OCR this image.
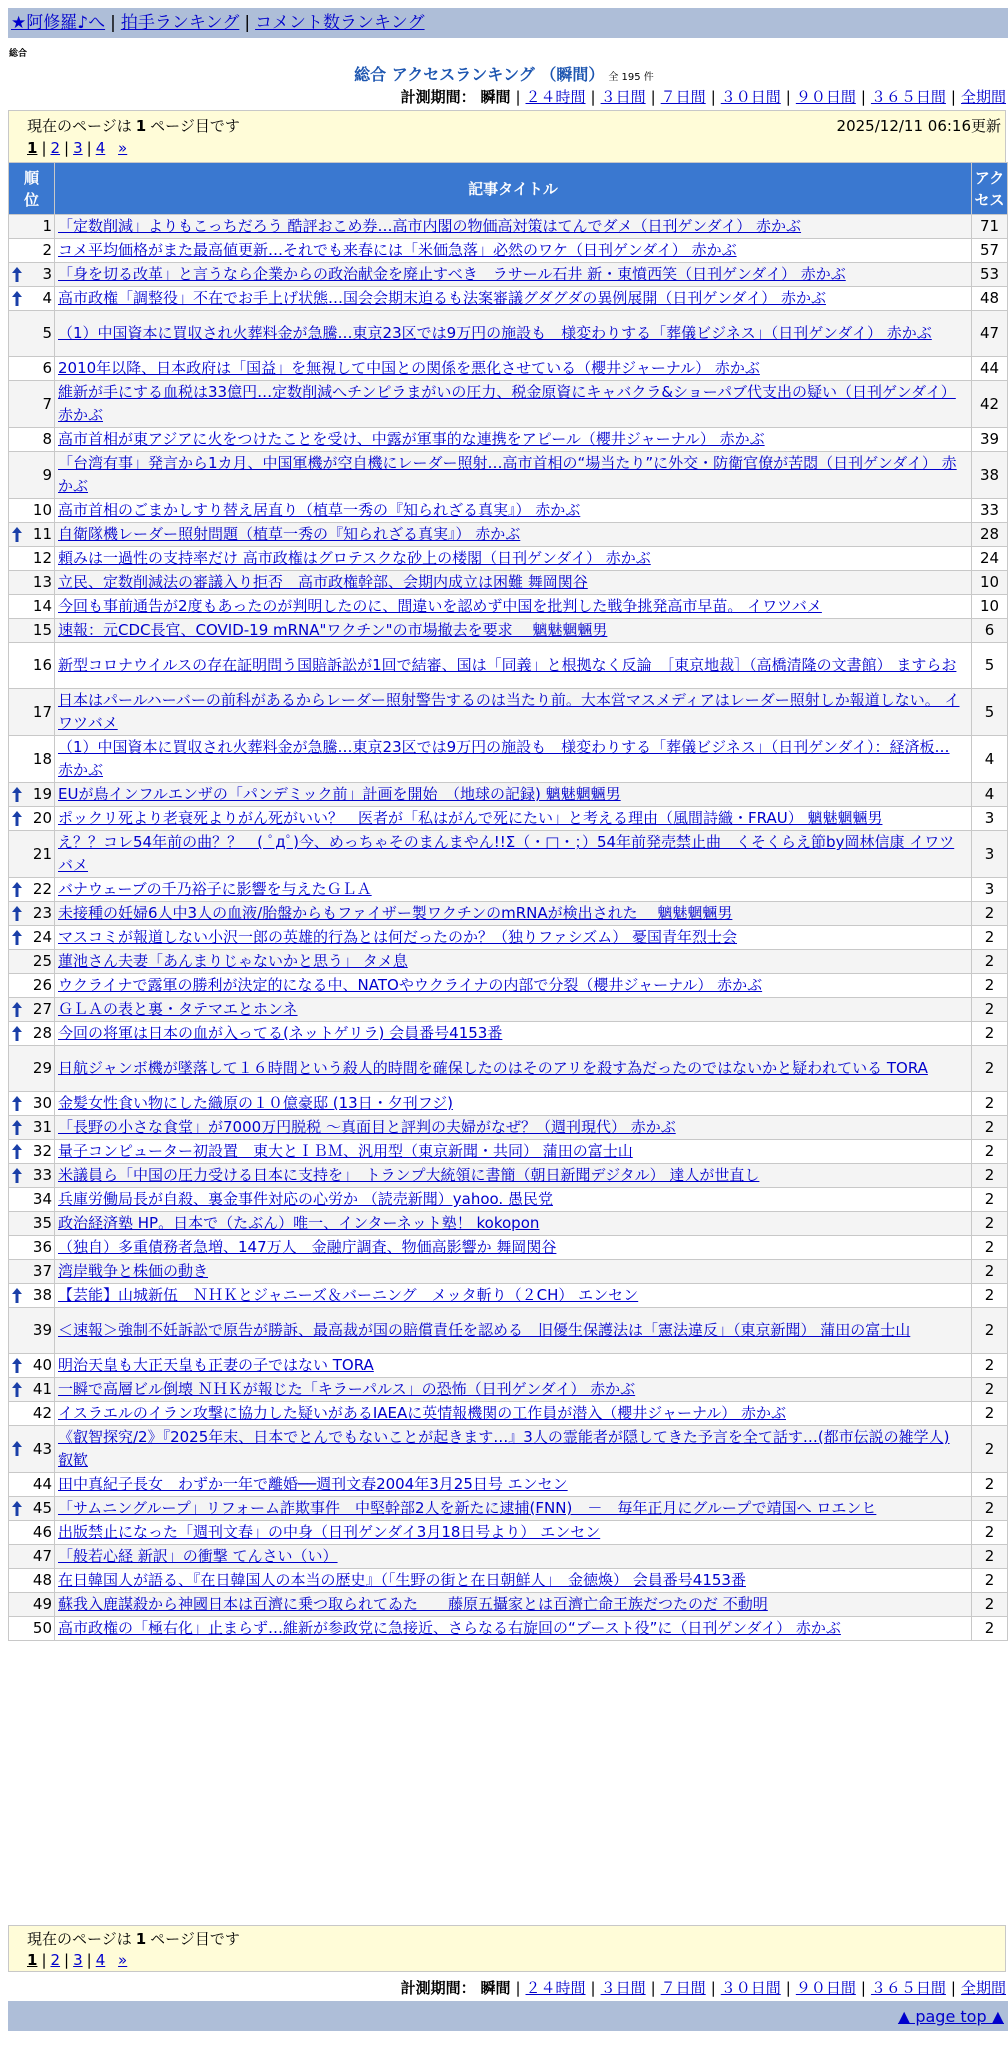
★阿修羅♪へ | 拍手ランキング | コメント数ランキング
総合
総合 アクセスランキング （瞬間） 全 195 件
計測期間： 瞬間 | ２４時間 | ３日間 | ７日間 | ３０日間 | ９０日間 | ３６５日間 | 全期間
現在のページは 1 ページ目です	2025/12/11 06:16更新
1 | 2 | 3 | 4 »
順位	記事タイトル	アクセス

1	「定数削減」よりもこっちだろう 酷評おこめ券…高市内閣の物価高対策はてんでダメ（日刊ゲンダイ） 赤かぶ	71
2	コメ平均価格がまた最高値更新…それでも来春には「米価急落」必然のワケ（日刊ゲンダイ） 赤かぶ	57

3	「身を切る改革」と言うなら企業からの政治献金を廃止すべき　ラサール石井 新・東憤西笑（日刊ゲンダイ） 赤かぶ	53

4	高市政権「調整役」不在でお手上げ状態…国会会期末迫るも法案審議グダグダの異例展開（日刊ゲンダイ） 赤かぶ	48
5	（1）中国資本に買収され火葬料金が急騰…東京23区では9万円の施設も　様変わりする「葬儀ビジネス」（日刊ゲンダイ） 赤かぶ	47
6	2010年以降、日本政府は「国益」を無視して中国との関係を悪化させている（櫻井ジャーナル） 赤かぶ	44
7	維新が手にする血税は33億円…定数削減へチンピラまがいの圧力、税金原資にキャバクラ&ショーパブ代支出の疑い（日刊ゲンダイ） 赤かぶ	42
8	高市首相が東アジアに火をつけたことを受け、中露が軍事的な連携をアピール（櫻井ジャーナル） 赤かぶ	39
9	「台湾有事」発言から1カ月、中国軍機が空自機にレーダー照射…高市首相の“場当たり”に外交・防衛官僚が苦悶（日刊ゲンダイ） 赤かぶ	38
10	高市首相のごまかしすり替え居直り（植草一秀の『知られざる真実』） 赤かぶ	33

11	自衛隊機レーダー照射問題（植草一秀の『知られざる真実』） 赤かぶ	28
12	頼みは一過性の支持率だけ 高市政権はグロテスクな砂上の楼閣（日刊ゲンダイ） 赤かぶ	24
13	立民、定数削減法の審議入り拒否　高市政権幹部、会期内成立は困難 舞岡関谷	10
14	今回も事前通告が2度もあったのが判明したのに、間違いを認めず中国を批判した戦争挑発高市早苗。 イワツバメ	10
15	速報：元CDC長官、COVID-19 mRNA"ワクチン"の市場撤去を要求　 魑魅魍魎男	6
16	新型コロナウイルスの存在証明問う国賠訴訟が1回で結審、国は「同義」と根拠なく反論　［東京地裁］（高橋清隆の文書館） ますらお	5
17	日本はパールハーバーの前科があるからレーダー照射警告するのは当たり前。大本営マスメディアはレーダー照射しか報道しない。 イワツバメ	5
18	（1）中国資本に買収され火葬料金が急騰…東京23区では9万円の施設も　様変わりする「葬儀ビジネス」（日刊ゲンダイ）：経済板… 赤かぶ	4

19	EUが鳥インフルエンザの「パンデミック前」計画を開始　（地球の記録) 魑魅魍魎男	4

20	ポックリ死より老衰死よりがん死がいい？　医者が「私はがんで死にたい」と考える理由（風間詩織・FRAU） 魑魅魍魎男	3
21	え？？コレ54年前の曲？？　( ﾟдﾟ)今、めっちゃそのまんまやん!!Σ（・□・；）54年前発売禁止曲　くそくらえ節by岡林信康 イワツバメ	3

22	バナウェーブの千乃裕子に影響を与えたＧＬＡ	3

23	未接種の妊婦6人中3人の血液/胎盤からもファイザー製ワクチンのmRNAが検出された　 魑魅魍魎男	2

24	マスコミが報道しない小沢一郎の英雄的行為とは何だったのか？（独りファシズム） 憂国青年烈士会	2
25	蓮池さん夫妻「あんまりじゃないかと思う」 タメ息	2
26	ウクライナで露軍の勝利が決定的になる中、NATOやウクライナの内部で分裂（櫻井ジャーナル） 赤かぶ	2

27	ＧＬＡの表と裏・タテマエとホンネ	2

28	今回の将軍は日本の血が入ってる(ネットゲリラ) 会員番号4153番	2
29	日航ジャンボ機が墜落して１６時間という殺人的時間を確保したのはそのアリを殺す為だったのではないかと疑われている TORA	2

30	金髪女性食い物にした織原の１０億豪邸 (13日・夕刊フジ)	2

31	「長野の小さな食堂」が7000万円脱税 ～真面目と評判の夫婦がなぜ？（週刊現代） 赤かぶ	2

32	量子コンピューター初設置　東大とＩＢＭ、汎用型（東京新聞・共同） 蒲田の富士山	2

33	米議員ら「中国の圧力受ける日本に支持を」　トランプ大統領に書簡（朝日新聞デジタル） 達人が世直し	2
34	兵庫労働局長が自殺、裏金事件対応の心労か （読売新聞）yahoo. 愚民党	2
35	政治経済塾 HP。日本で（たぶん）唯一、インターネット塾！ kokopon	2
36	（独自）多重債務者急増、147万人　金融庁調査、物価高影響か 舞岡関谷	2
37	湾岸戦争と株価の動き	2

38	【芸能】山城新伍　ＮＨＫとジャニーズ＆バーニング　メッタ斬り（２CH） エンセン	2
39	＜速報＞強制不妊訴訟で原告が勝訴、最高裁が国の賠償責任を認める　旧優生保護法は「憲法違反」（東京新聞） 蒲田の富士山	2

40	明治天皇も大正天皇も正妻の子ではない TORA	2

41	一瞬で高層ビル倒壊 ＮＨＫが報じた「キラーパルス」の恐怖（日刊ゲンダイ） 赤かぶ	2
42	イスラエルのイラン攻撃に協力した疑いがあるIAEAに英情報機関の工作員が潜入（櫻井ジャーナル） 赤かぶ	2

43	《叡智探究/2》『2025年末、日本でとんでもないことが起きます…』3人の霊能者が隠してきた予言を全て話す…(都市伝説の雑学人) 叡歓	2
44	田中真紀子長女　わずか一年で離婚──週刊文春2004年3月25日号 エンセン	2

45	「サムニングループ」リフォーム詐欺事件　中堅幹部2人を新たに逮捕(FNN)　－　毎年正月にグループで靖国へ ロエンヒ	2
46	出版禁止になった「週刊文春」の中身（日刊ゲンダイ3月18日号より） エンセン	2
47	「般若心経 新訳」の衝撃 てんさい（い）	2
48	在日韓国人が語る、『在日韓国人の本当の歴史』（「生野の街と在日朝鮮人」　金徳煥） 会員番号4153番	2
49	蘇我入鹿謀殺から神國日本は百濟に乗つ取られてゐた　　藤原五攝家とは百濟亡命王族だつたのだ 不動明	2
50	高市政権の「極右化」止まらず…維新が参政党に急接近、さらなる右旋回の“ブースト役”に（日刊ゲンダイ） 赤かぶ	2
現在のページは 1 ページ目です
1 | 2 | 3 | 4 »
計測期間： 瞬間 | ２４時間 | ３日間 | ７日間 | ３０日間 | ９０日間 | ３６５日間 | 全期間
▲ page top ▲
